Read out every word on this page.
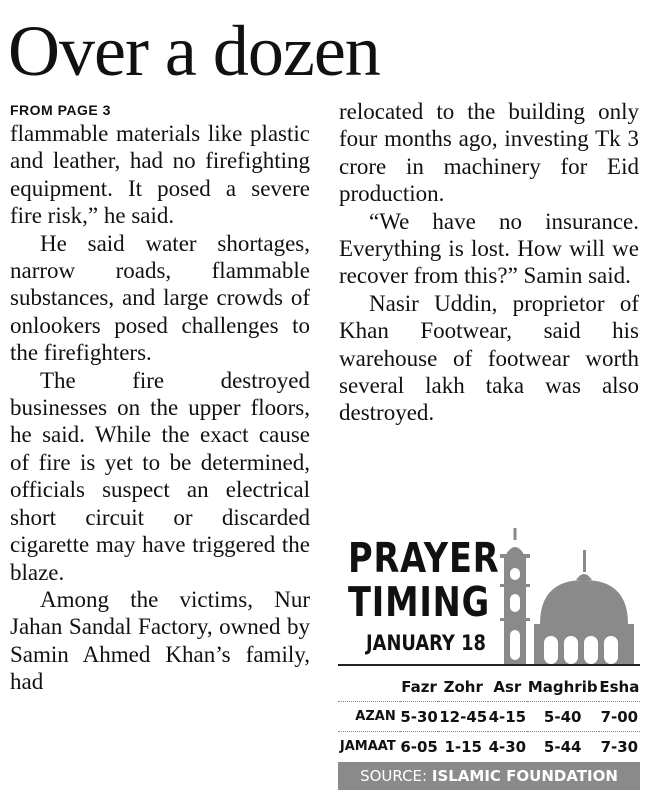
Over a dozen
FROM PAGE 3

flammable materials like plastic and leather, had no firefighting equipment. It posed a severe fire risk,” he said.

He said water shortages, narrow roads, flammable substances, and large crowds of onlookers posed challenges to the firefighters.

The fire destroyed businesses on the upper floors, he said. While the exact cause of fire is yet to be determined, officials suspect an electrical short circuit or discarded cigarette may have triggered the blaze.

Among the victims, Nur Jahan Sandal Factory, owned by Samin Ahmed Khan’s family, had

relocated to the building only four months ago, investing Tk 3 crore in machinery for Eid production.

“We have no insurance. Everything is lost. How will we recover from this?” Samin said.

Nasir Uddin, proprietor of Khan Footwear, said his warehouse of footwear worth several lakh taka was also destroyed.

PRAYER
TIMING
JANUARY 18
	Fazr	Zohr	Asr	Maghrib	Esha
AZAN	5-30	12-45	4-15	5-40	7-00
JAMAAT	6-05	1-15	4-30	5-44	7-30
SOURCE: ISLAMIC FOUNDATION
